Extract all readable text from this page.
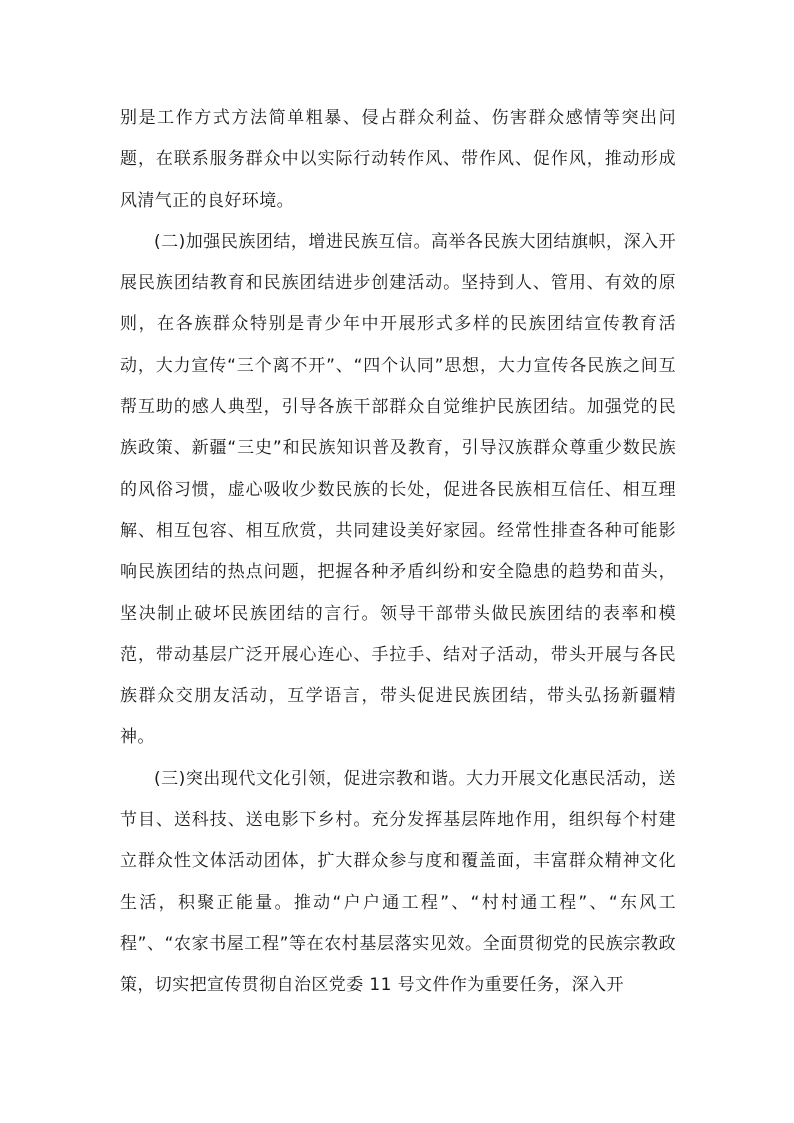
别是工作方式方法简单粗暴、侵占群众利益、伤害群众感情等突出问题，在联系服务群众中以实际行动转作风、带作风、促作风，推动形成风清气正的良好环境。

(二)加强民族团结，增进民族互信。高举各民族大团结旗帜，深入开展民族团结教育和民族团结进步创建活动。坚持到人、管用、有效的原则，在各族群众特别是青少年中开展形式多样的民族团结宣传教育活动，大力宣传“三个离不开”、“四个认同”思想，大力宣传各民族之间互帮互助的感人典型，引导各族干部群众自觉维护民族团结。加强党的民族政策、新疆“三史”和民族知识普及教育，引导汉族群众尊重少数民族的风俗习惯，虚心吸收少数民族的长处，促进各民族相互信任、相互理解、相互包容、相互欣赏，共同建设美好家园。经常性排查各种可能影响民族团结的热点问题，把握各种矛盾纠纷和安全隐患的趋势和苗头，坚决制止破坏民族团结的言行。领导干部带头做民族团结的表率和模范，带动基层广泛开展心连心、手拉手、结对子活动，带头开展与各民族群众交朋友活动，互学语言，带头促进民族团结，带头弘扬新疆精神。

(三)突出现代文化引领，促进宗教和谐。大力开展文化惠民活动，送节目、送科技、送电影下乡村。充分发挥基层阵地作用，组织每个村建立群众性文体活动团体，扩大群众参与度和覆盖面，丰富群众精神文化生活，积聚正能量。推动“户户通工程”、“村村通工程”、“东风工程”、“农家书屋工程”等在农村基层落实见效。全面贯彻党的民族宗教政策，切实把宣传贯彻自治区党委 11 号文件作为重要任务，深入开
